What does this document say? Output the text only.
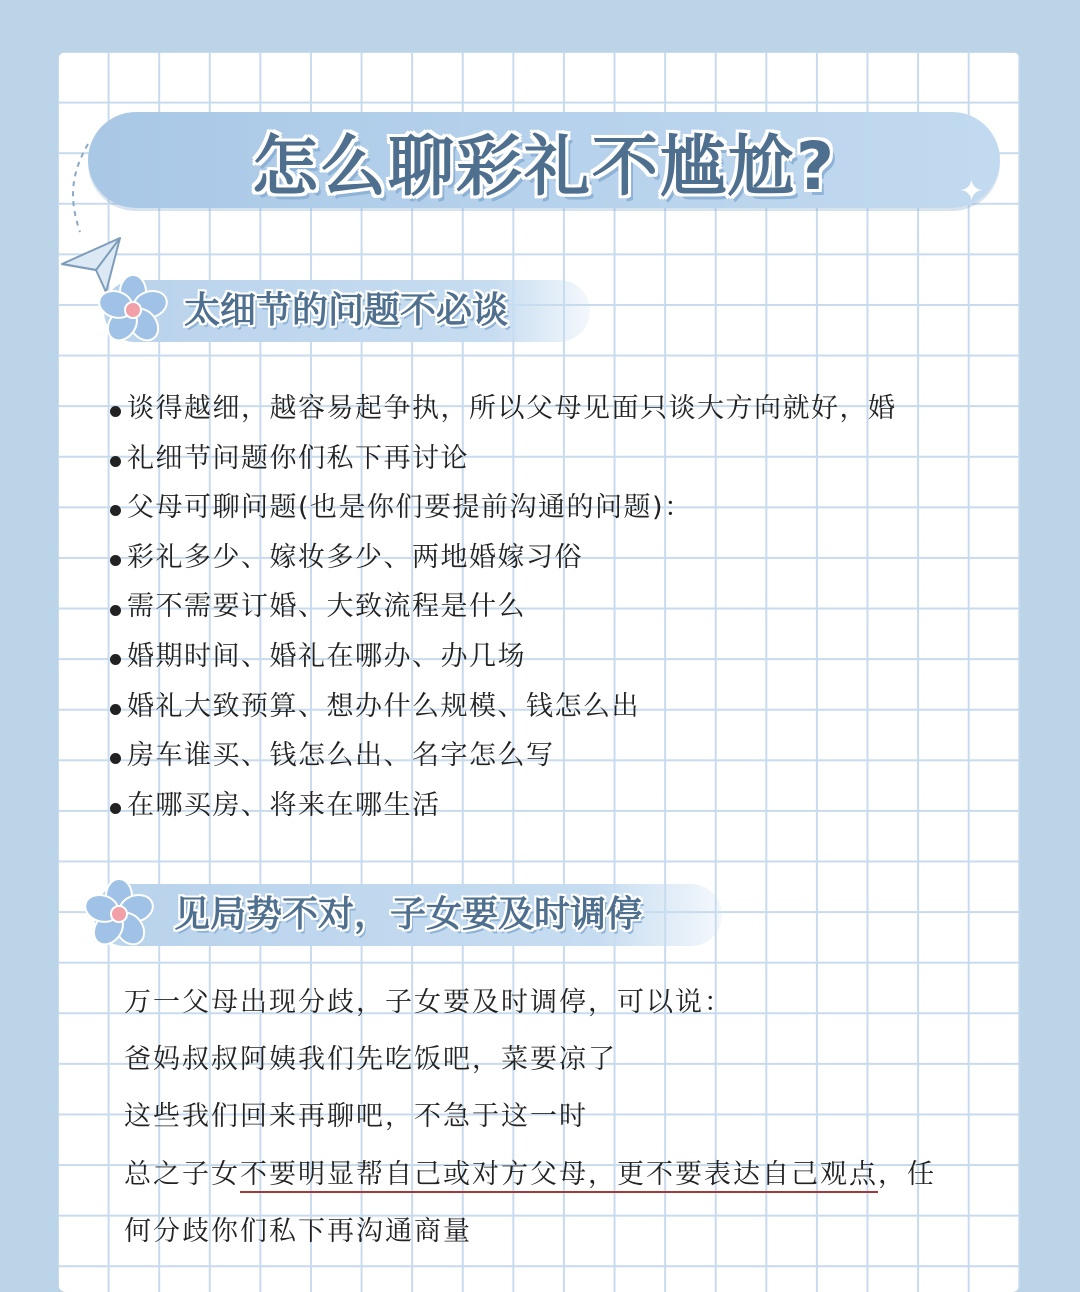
怎么聊彩礼不尴尬?	✦
太细节的问题不必谈
谈得越细，越容易起争执，所以父母见面只谈大方向就好，婚
礼细节问题你们私下再讨论
父母可聊问题(也是你们要提前沟通的问题)：
彩礼多少、嫁妆多少、两地婚嫁习俗
需不需要订婚、大致流程是什么
婚期时间、婚礼在哪办、办几场
婚礼大致预算、想办什么规模、钱怎么出
房车谁买、钱怎么出、名字怎么写
在哪买房、将来在哪生活
见局势不对，子女要及时调停

万一父母出现分歧，子女要及时调停，可以说：

爸妈叔叔阿姨我们先吃饭吧，菜要凉了

这些我们回来再聊吧，不急于这一时

总之子女不要明显帮自己或对方父母，更不要表达自己观点，任

何分歧你们私下再沟通商量
